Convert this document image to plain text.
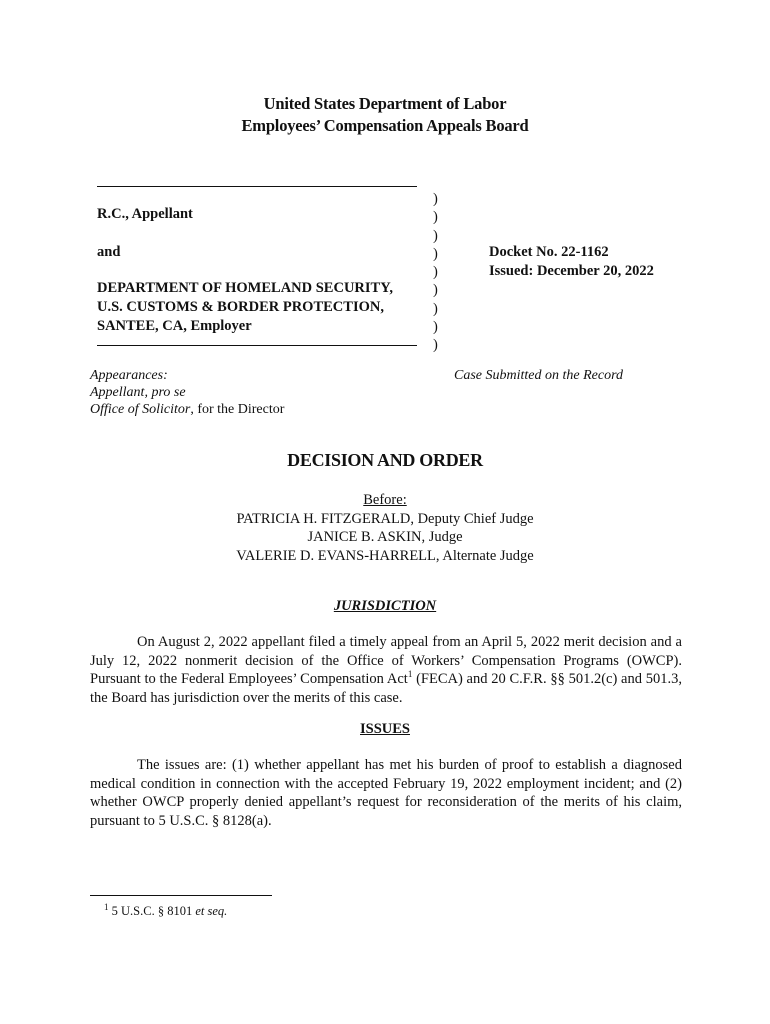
United States Department of Labor
Employees’ Compensation Appeals Board
R.C., Appellant
and
DEPARTMENT OF HOMELAND SECURITY,
U.S. CUSTOMS & BORDER PROTECTION,
SANTEE, CA, Employer
)
)
)
)
)
)
)
)
)
Docket No. 22-1162
Issued: December 20, 2022
Appearances:
Appellant, pro se
Office of Solicitor, for the Director
Case Submitted on the Record
DECISION AND ORDER
Before:
PATRICIA H. FITZGERALD, Deputy Chief Judge
JANICE B. ASKIN, Judge
VALERIE D. EVANS-HARRELL, Alternate Judge
JURISDICTION
On August 2, 2022 appellant filed a timely appeal from an April 5, 2022 merit decision and a July 12, 2022 nonmerit decision of the Office of Workers’ Compensation Programs (OWCP). Pursuant to the Federal Employees’ Compensation Act$^1$ (FECA) and 20 C.F.R. §§ 501.2(c) and 501.3, the Board has jurisdiction over the merits of this case.
ISSUES
The issues are: (1) whether appellant has met his burden of proof to establish a diagnosed medical condition in connection with the accepted February 19, 2022 employment incident; and (2) whether OWCP properly denied appellant’s request for reconsideration of the merits of his claim, pursuant to 5 U.S.C. § 8128(a).
$^1$ 5 U.S.C. § 8101 et seq.
